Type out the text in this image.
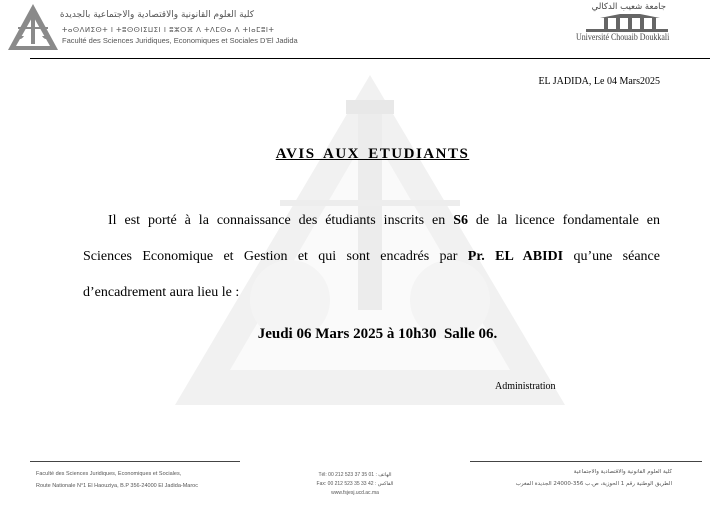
كلية العلوم القانونية والاقتصادية والاجتماعية بالجديدة
ⵜⴰⵙⴷⵍⵉⵙⵜ ⵏ ⵜⵓⵙⵙⵏⵉⵡⵉⵏ ⵏ ⵓⵣⵔⴼ ⴷ ⵜⴷⵎⵙⴰ ⴷ ⵜⵏⴰⵎⵓⵏⵜ
Faculté des Sciences Juridiques, Economiques et Sociales D'El Jadida
جامعة شعيب الدكالي
Université Chouaib Doukkali
EL JADIDA, Le 04 Mars2025
AVIS AUX ETUDIANTS
Il est porté à la connaissance des étudiants inscrits en S6 de la licence fondamentale en
Sciences Economique et Gestion et qui sont encadrés par Pr. EL ABIDI qu’une séance
d’encadrement aura lieu le :
Jeudi 06 Mars 2025 à 10h30  Salle 06.
Administration
Faculté des Sciences Juridiques, Economiques et Sociales,
Route Nationale N°1 El Haouziya, B.P 356-24000 El Jadida-Maroc
Tél: 00 212 523 37 35 01 : الهاتف
Fax: 00 212 523 35 33 42 : الفاكس
www.fsjesj.ucd.ac.ma
كلية العلوم القانونية والاقتصادية والاجتماعية
الطريق الوطنية رقم 1 الحوزية، ص.ب 356-24000 الجديدة المغرب
